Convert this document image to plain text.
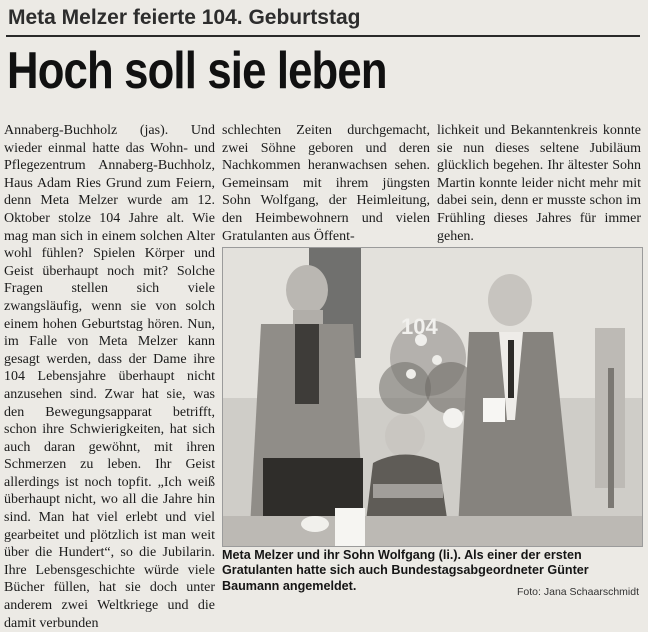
Meta Melzer feierte 104. Geburtstag
Hoch soll sie leben
Annaberg-Buchholz (jas). Und wieder einmal hatte das Wohn- und Pflegezentrum Annaberg-Buchholz, Haus Adam Ries Grund zum Feiern, denn Meta Melzer wurde am 12. Oktober stolze 104 Jahre alt. Wie mag man sich in einem solchen Alter wohl fühlen? Spielen Körper und Geist überhaupt noch mit? Solche Fragen stellen sich viele zwangsläufig, wenn sie von solch einem hohen Geburtstag hören. Nun, im Falle von Meta Melzer kann gesagt werden, dass der Dame ihre 104 Lebensjahre überhaupt nicht anzusehen sind. Zwar hat sie, was den Bewegungsapparat betrifft, schon ihre Schwierigkeiten, hat sich auch daran gewöhnt, mit ihren Schmerzen zu leben. Ihr Geist allerdings ist noch topfit. „Ich weiß überhaupt nicht, wo all die Jahre hin sind. Man hat viel erlebt und viel gearbeitet und plötzlich ist man weit über die Hundert“, so die Jubilarin. Ihre Lebensgeschichte würde viele Bücher füllen, hat sie doch unter anderem zwei Weltkriege und die damit verbunden
schlechten Zeiten durchgemacht, zwei Söhne geboren und deren Nachkommen heranwachsen sehen. Gemeinsam mit ihrem jüngsten Sohn Wolfgang, der Heimleitung, den Heimbewohnern und vielen Gratulanten aus Öffent-
lichkeit und Bekanntenkreis konnte sie nun dieses seltene Jubiläum glücklich begehen. Ihr ältester Sohn Martin konnte leider nicht mehr mit dabei sein, denn er musste schon im Frühling dieses Jahres für immer gehen.
104
Meta Melzer und ihr Sohn Wolfgang (li.). Als einer der ersten Gratulanten hatte sich auch Bundestagsabgeordneter Günter Baumann angemeldet.	Foto: Jana Schaarschmidt
